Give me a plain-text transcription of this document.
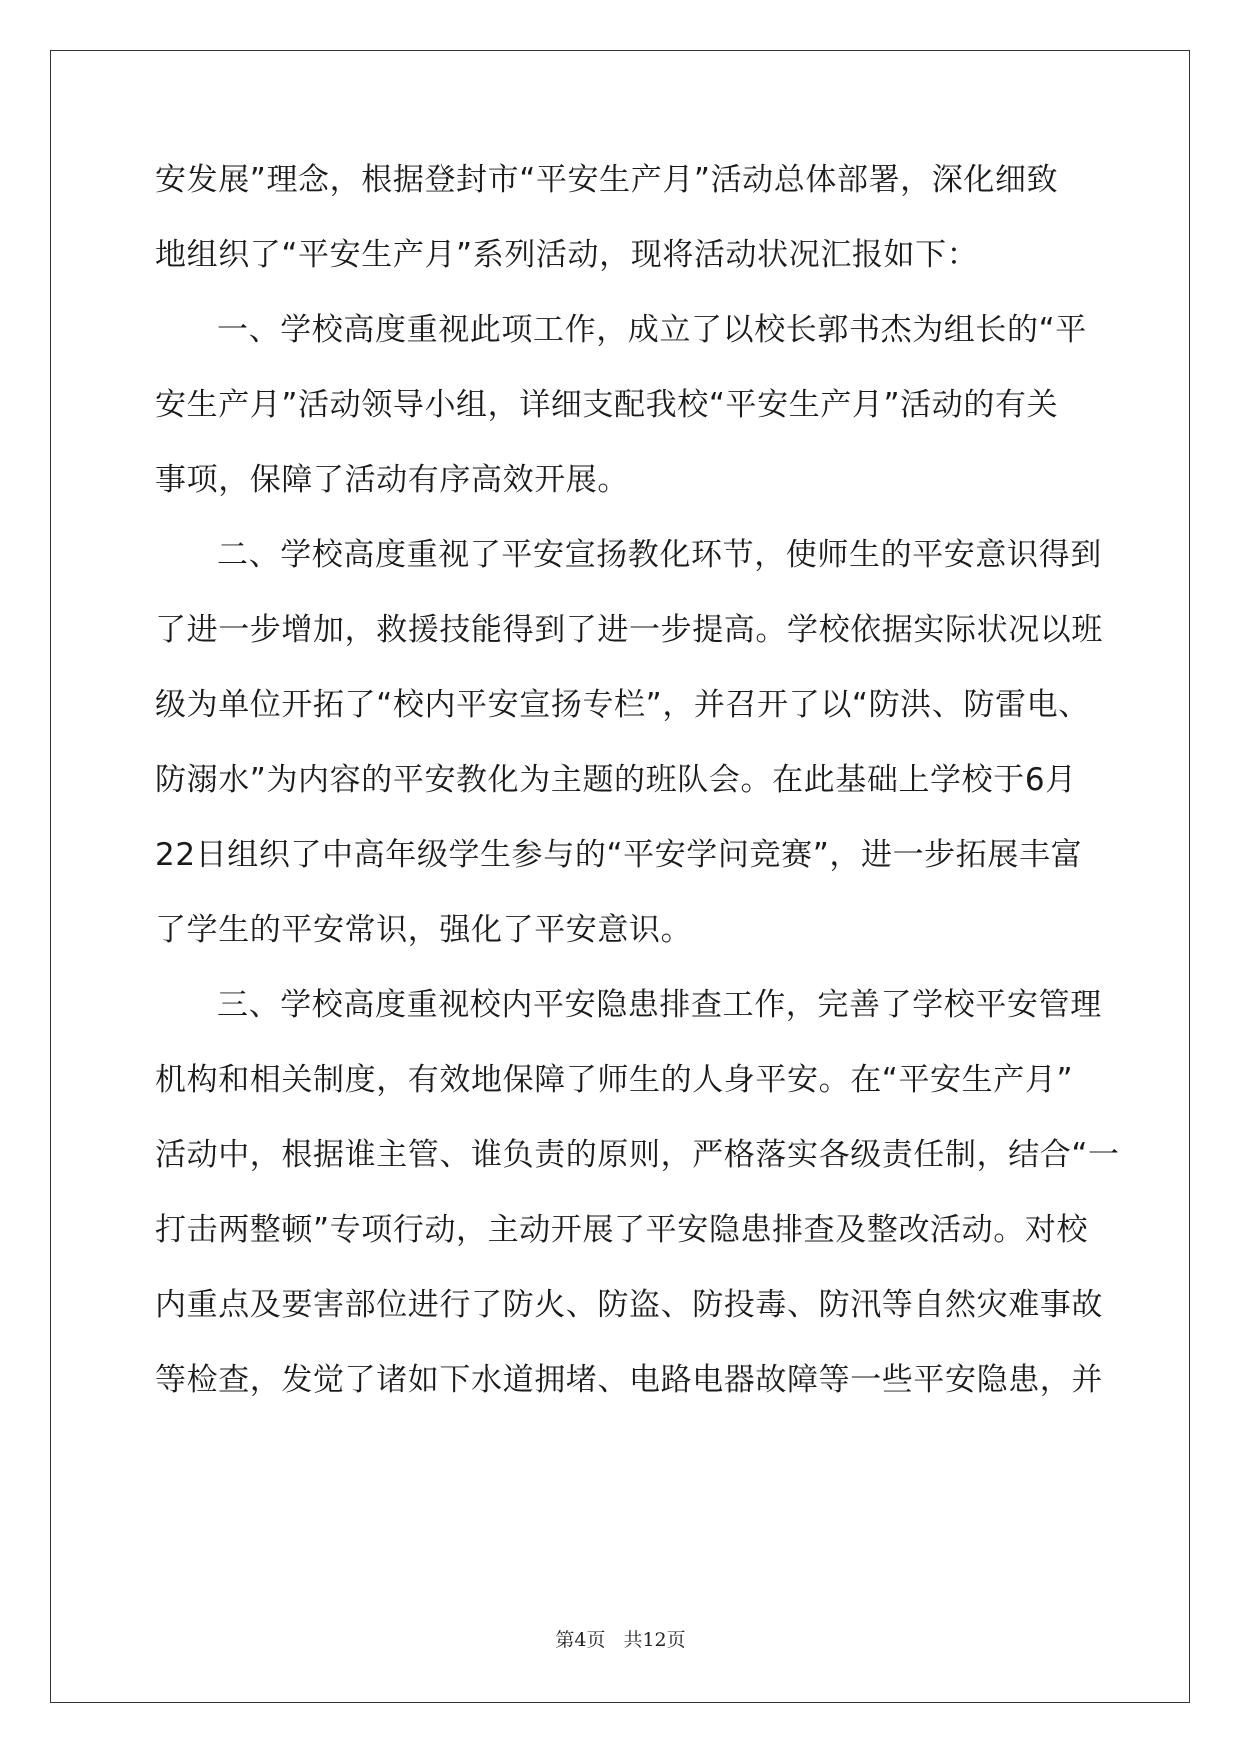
安发展”理念，根据登封市“平安生产月”活动总体部署，深化细致
地组织了“平安生产月”系列活动，现将活动状况汇报如下：
一、学校高度重视此项工作，成立了以校长郭书杰为组长的“平
安生产月”活动领导小组，详细支配我校“平安生产月”活动的有关
事项，保障了活动有序高效开展。
二、学校高度重视了平安宣扬教化环节，使师生的平安意识得到
了进一步增加，救援技能得到了进一步提高。学校依据实际状况以班
级为单位开拓了“校内平安宣扬专栏”，并召开了以“防洪、防雷电、
防溺水”为内容的平安教化为主题的班队会。在此基础上学校于6月
22日组织了中高年级学生参与的“平安学问竞赛”，进一步拓展丰富
了学生的平安常识，强化了平安意识。
三、学校高度重视校内平安隐患排查工作，完善了学校平安管理
机构和相关制度，有效地保障了师生的人身平安。在“平安生产月”
活动中，根据谁主管、谁负责的原则，严格落实各级责任制，结合“一
打击两整顿”专项行动，主动开展了平安隐患排查及整改活动。对校
内重点及要害部位进行了防火、防盗、防投毒、防汛等自然灾难事故
等检查，发觉了诸如下水道拥堵、电路电器故障等一些平安隐患，并
第4页 共12页
